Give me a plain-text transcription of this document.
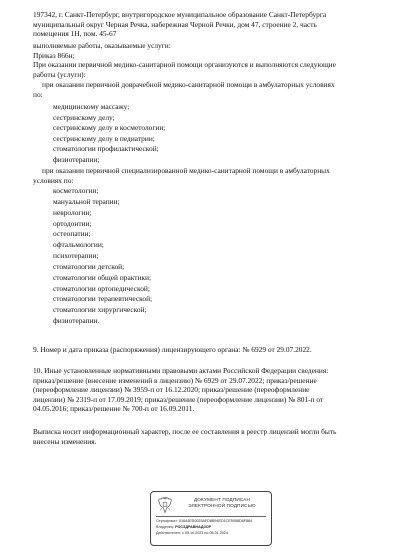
197342, г. Санкт-Петербург, внутригородское муниципальное образование Санкт-Петербурга
муниципальный округ Черная Речка, набережная Черной Речки, дом 47, строение 2, часть
помещения 1Н, пом. 45-67
выполняемые работы, оказываемые услуги:
Приказ 866н;
При оказании первичной медико-санитарной помощи организуются и выполняются следующие
работы (услуги):
при оказании первичной доврачебной медико-санитарной помощи в амбулаторных условиях
по:
медицинскому массажу;
сестринскому делу;
сестринскому делу в косметологии;
сестринскому делу в педиатрии;
стоматологии профилактической;
физиотерапии;
при оказании первичной специализированной медико-санитарной помощи в амбулаторных
условиях по:
косметологии;
мануальной терапии;
неврологии;
ортодонтии;
остеопатии;
офтальмологии;
психотерапии;
стоматологии детской;
стоматологии общей практики;
стоматологии ортопедической;
стоматологии терапевтической;
стоматологии хирургической;
физиотерапии.
9. Номер и дата приказа (распоряжения) лицензирующего органа: № 6929 от 29.07.2022.
10. Иные установленные нормативными правовыми актами Российской Федерации сведения:
приказ/решение (внесение изменений в лицензию) № 6929 от 29.07.2022; приказ/решение
(переоформление лицензии) № 3959-п от 16.12.2020; приказ/решение (переоформление
лицензии) № 2319-п от 17.09.2019; приказ/решение (переоформление лицензии) № 801-п от
04.05.2016; приказ/решение № 700-п от 16.09.2011.
Выписка носит информационный характер, после ее составления в реестр лицензий могли быть
внесены изменения.
ДОКУМЕНТ ПОДПИСАН
ЭЛЕКТРОННОЙ ПОДПИСЬЮ
Сертификат: 01644ED0025AFD8B94ED1CE5058D8F884
Владелец: РОСЗДРАВНАДЗОР
Действителен: с 05.10.2023 по 05.01.2024
